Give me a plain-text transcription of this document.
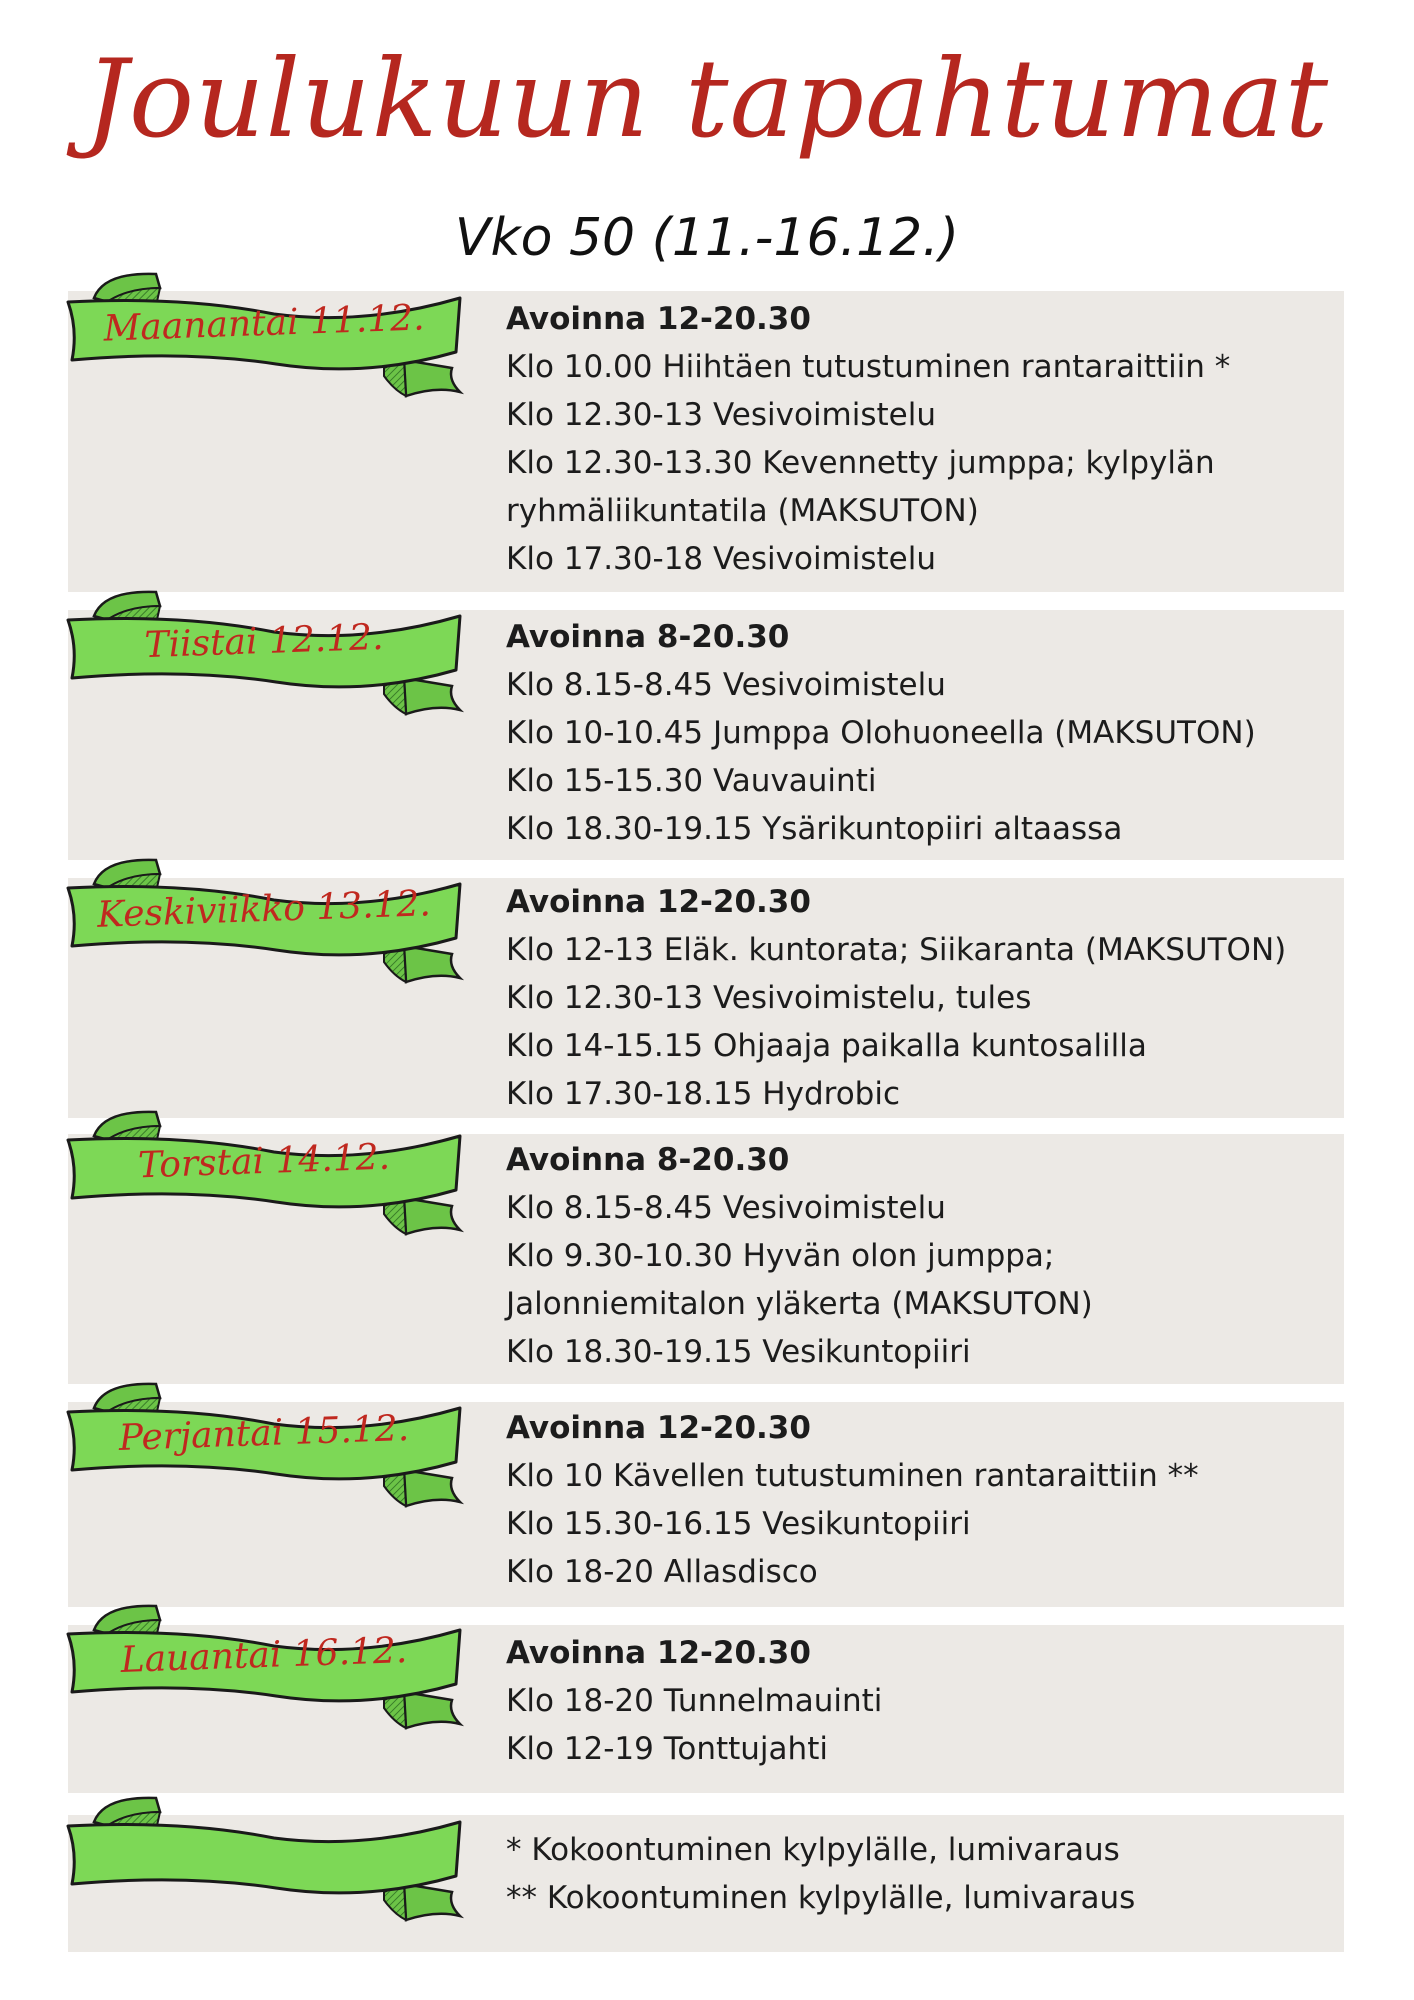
Joulukuun tapahtumat
Vko 50 (11.-16.12.)
Maanantai 11.12.	Avoinna 12-20.30
Klo 10.00 Hiihtäen tutustuminen rantaraittiin *
Klo 12.30-13 Vesivoimistelu
Klo 12.30-13.30 Kevennetty jumppa; kylpylän
ryhmäliikuntatila (MAKSUTON)
Klo 17.30-18 Vesivoimistelu
Tiistai 12.12.	Avoinna 8-20.30
Klo 8.15-8.45 Vesivoimistelu
Klo 10-10.45 Jumppa Olohuoneella (MAKSUTON)
Klo 15-15.30 Vauvauinti
Klo 18.30-19.15 Ysärikuntopiiri altaassa
Keskiviikko 13.12.	Avoinna 12-20.30
Klo 12-13 Eläk. kuntorata; Siikaranta (MAKSUTON)
Klo 12.30-13 Vesivoimistelu, tules
Klo 14-15.15 Ohjaaja paikalla kuntosalilla
Klo 17.30-18.15 Hydrobic
Torstai 14.12.	Avoinna 8-20.30
Klo 8.15-8.45 Vesivoimistelu
Klo 9.30-10.30 Hyvän olon jumppa;
Jalonniemitalon yläkerta (MAKSUTON)
Klo 18.30-19.15 Vesikuntopiiri
Perjantai 15.12.	Avoinna 12-20.30
Klo 10 Kävellen tutustuminen rantaraittiin **
Klo 15.30-16.15 Vesikuntopiiri
Klo 18-20 Allasdisco
Lauantai 16.12.	Avoinna 12-20.30
Klo 18-20 Tunnelmauinti
Klo 12-19 Tonttujahti
* Kokoontuminen kylpylälle, lumivaraus
** Kokoontuminen kylpylälle, lumivaraus
